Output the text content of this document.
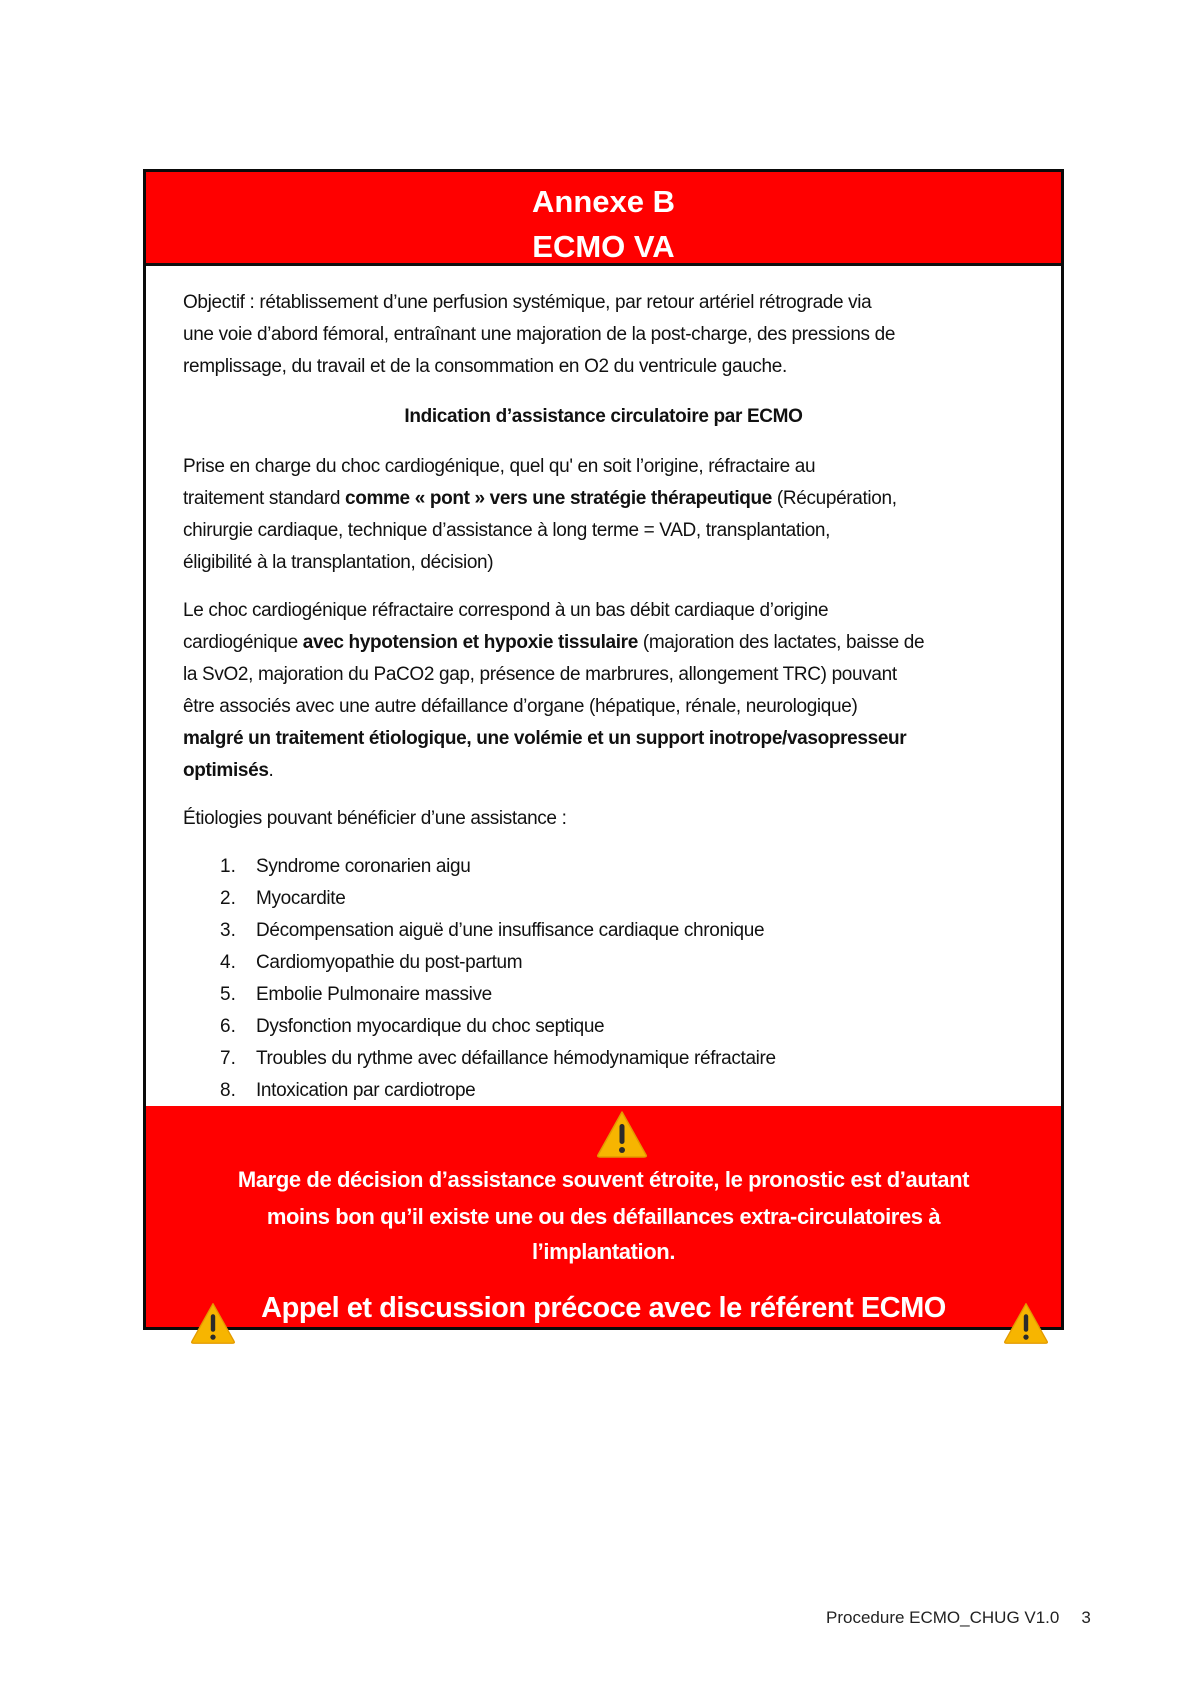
Annexe B
ECMO VA
Objectif : rétablissement d’une perfusion systémique, par retour artériel rétrograde via
une voie d’abord fémoral, entraînant une majoration de la post-charge, des pressions de
remplissage, du travail et de la consommation en O2 du ventricule gauche.
Indication d’assistance circulatoire par ECMO
Prise en charge du choc cardiogénique, quel qu' en soit l’origine, réfractaire au
traitement standard comme « pont » vers une stratégie thérapeutique (Récupération,
chirurgie cardiaque, technique d’assistance à long terme = VAD, transplantation,
éligibilité à la transplantation, décision)
Le choc cardiogénique réfractaire correspond à un bas débit cardiaque d’origine
cardiogénique avec hypotension et hypoxie tissulaire (majoration des lactates, baisse de
la SvO2, majoration du PaCO2 gap, présence de marbrures, allongement TRC) pouvant
être associés avec une autre défaillance d’organe (hépatique, rénale, neurologique)
malgré un traitement étiologique, une volémie et un support inotrope/vasopresseur
optimisés.
Étiologies pouvant bénéficier d’une assistance :
1. Syndrome coronarien aigu
2. Myocardite
3. Décompensation aiguë d’une insuffisance cardiaque chronique
4. Cardiomyopathie du post-partum
5. Embolie Pulmonaire massive
6. Dysfonction myocardique du choc septique
7. Troubles du rythme avec défaillance hémodynamique réfractaire
8. Intoxication par cardiotrope
Marge de décision d’assistance souvent étroite, le pronostic est d’autant
moins bon qu’il existe une ou des défaillances extra-circulatoires à
l’implantation.
Appel et discussion précoce avec le référent ECMO
Procedure ECMO_CHUG V1.0 3
